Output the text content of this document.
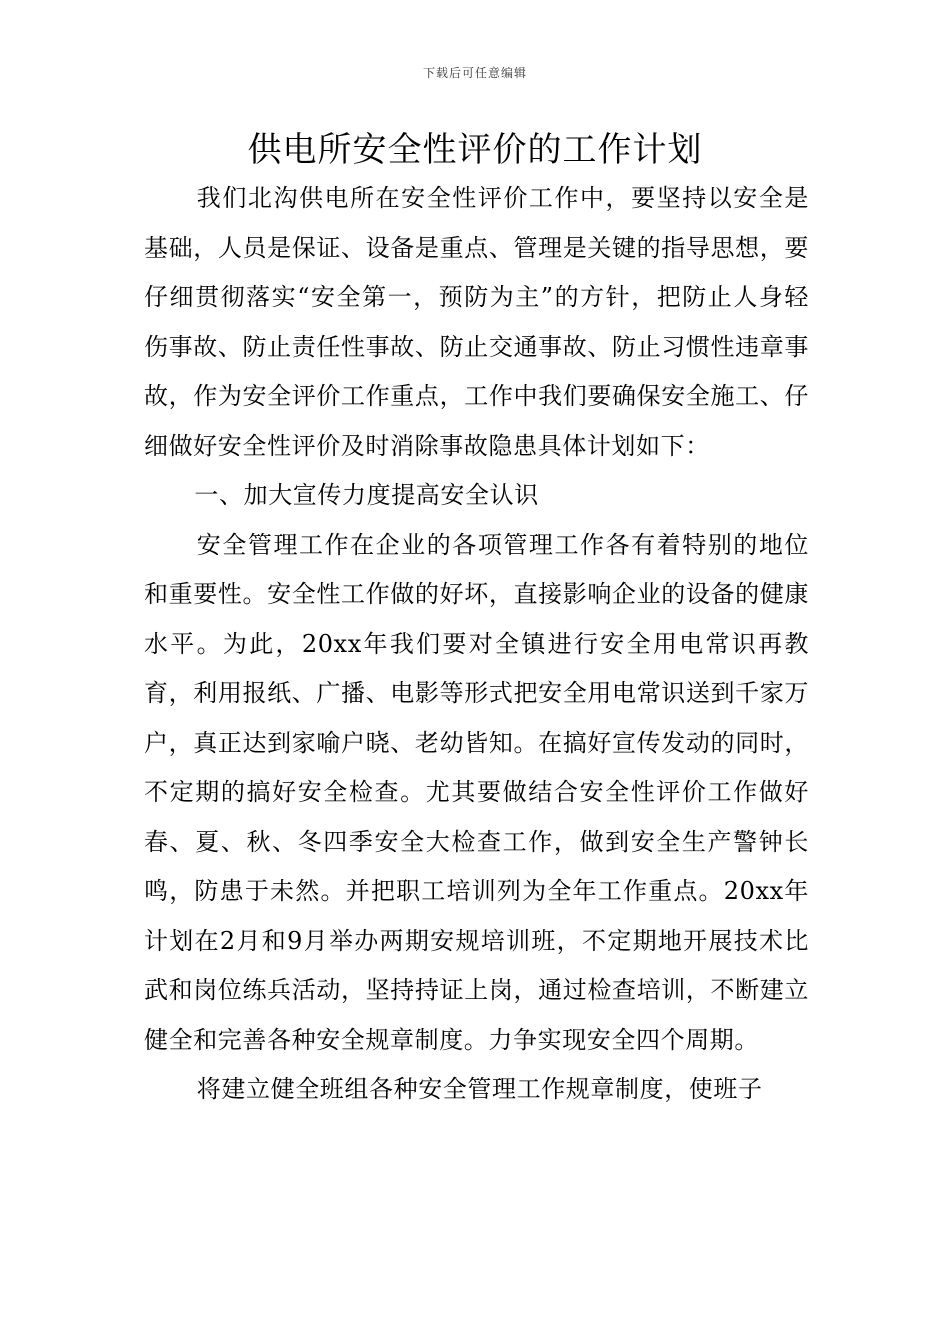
下载后可任意编辑
供电所安全性评价的工作计划

我们北沟供电所在安全性评价工作中，要坚持以安全是基础，人员是保证、设备是重点、管理是关键的指导思想，要仔细贯彻落实“安全第一，预防为主”的方针，把防止人身轻伤事故、防止责任性事故、防止交通事故、防止习惯性违章事故，作为安全评价工作重点，工作中我们要确保安全施工、仔细做好安全性评价及时消除事故隐患具体计划如下：

一、加大宣传力度提高安全认识

安全管理工作在企业的各项管理工作各有着特别的地位和重要性。安全性工作做的好坏，直接影响企业的设备的健康水平。为此，20xx年我们要对全镇进行安全用电常识再教育，利用报纸、广播、电影等形式把安全用电常识送到千家万户，真正达到家喻户晓、老幼皆知。在搞好宣传发动的同时，不定期的搞好安全检查。尤其要做结合安全性评价工作做好春、夏、秋、冬四季安全大检查工作，做到安全生产警钟长鸣，防患于未然。并把职工培训列为全年工作重点。20xx年计划在2月和9月举办两期安规培训班，不定期地开展技术比武和岗位练兵活动，坚持持证上岗，通过检查培训，不断建立健全和完善各种安全规章制度。力争实现安全四个周期。

将建立健全班组各种安全管理工作规章制度，使班子
